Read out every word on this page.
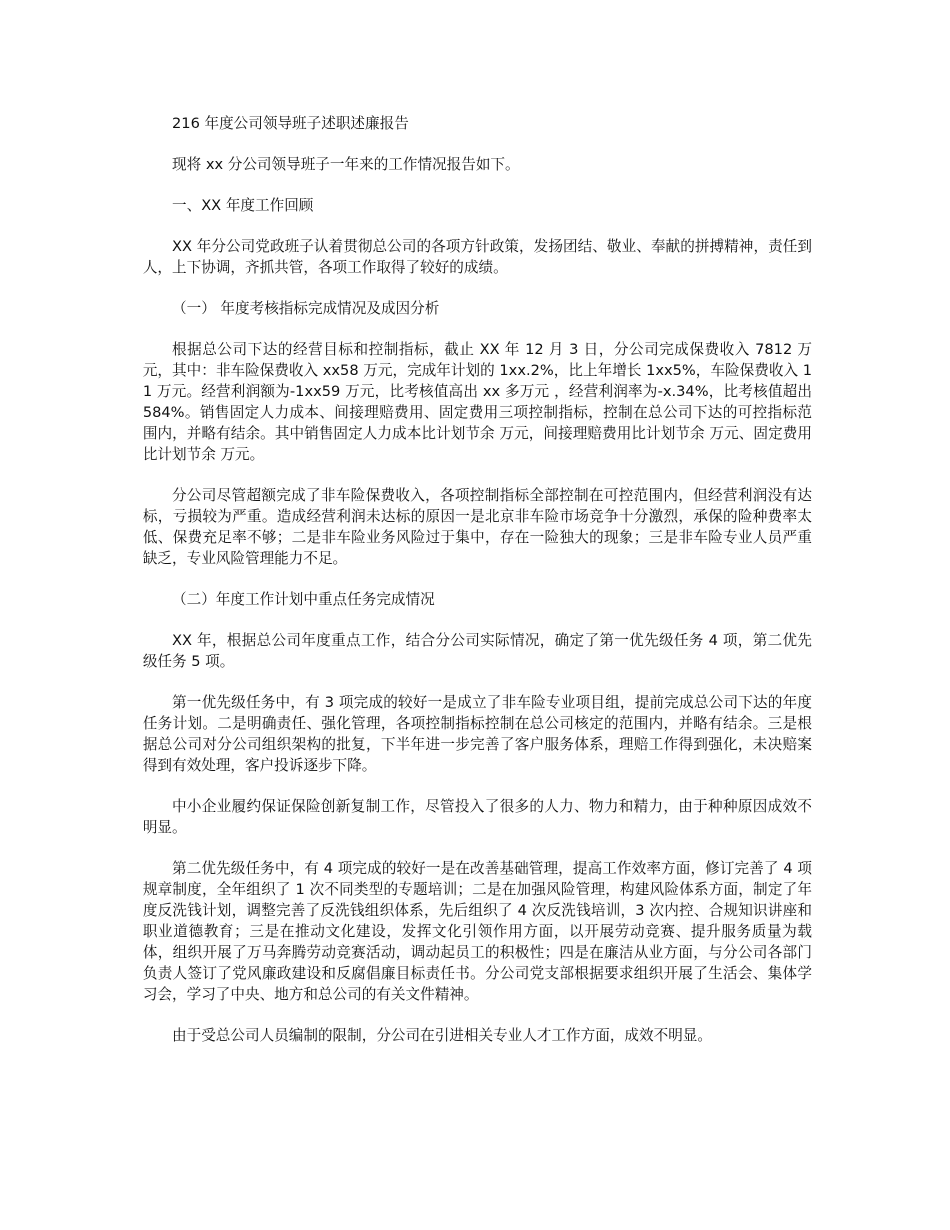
216 年度公司领导班子述职述廉报告

现将 xx 分公司领导班子一年来的工作情况报告如下。

一、XX 年度工作回顾

XX 年分公司党政班子认着贯彻总公司的各项方针政策，发扬团结、敬业、奉献的拼搏精神，责任到人，上下协调，齐抓共管，各项工作取得了较好的成绩。

（一） 年度考核指标完成情况及成因分析

根据总公司下达的经营目标和控制指标，截止 XX 年 12 月 3 日，分公司完成保费收入 7812 万元，其中：非车险保费收入 xx58 万元，完成年计划的 1xx.2%，比上年增长 1xx5%，车险保费收入 11 万元。经营利润额为-1xx59 万元，比考核值高出 xx 多万元 ，经营利润率为-x.34%，比考核值超出 584%。销售固定人力成本、间接理赔费用、固定费用三项控制指标，控制在总公司下达的可控指标范围内，并略有结余。其中销售固定人力成本比计划节余 万元，间接理赔费用比计划节余 万元、固定费用比计划节余 万元。

分公司尽管超额完成了非车险保费收入，各项控制指标全部控制在可控范围内，但经营利润没有达标，亏损较为严重。造成经营利润未达标的原因一是北京非车险市场竞争十分激烈，承保的险种费率太低、保费充足率不够；二是非车险业务风险过于集中，存在一险独大的现象；三是非车险专业人员严重缺乏，专业风险管理能力不足。

（二）年度工作计划中重点任务完成情况

XX 年，根据总公司年度重点工作，结合分公司实际情况，确定了第一优先级任务 4 项，第二优先级任务 5 项。

第一优先级任务中，有 3 项完成的较好一是成立了非车险专业项目组，提前完成总公司下达的年度任务计划。二是明确责任、强化管理，各项控制指标控制在总公司核定的范围内，并略有结余。三是根据总公司对分公司组织架构的批复，下半年进一步完善了客户服务体系，理赔工作得到强化，未决赔案得到有效处理，客户投诉逐步下降。

中小企业履约保证保险创新复制工作，尽管投入了很多的人力、物力和精力，由于种种原因成效不明显。

第二优先级任务中，有 4 项完成的较好一是在改善基础管理，提高工作效率方面，修订完善了 4 项规章制度，全年组织了 1 次不同类型的专题培训；二是在加强风险管理，构建风险体系方面，制定了年度反洗钱计划，调整完善了反洗钱组织体系，先后组织了 4 次反洗钱培训，3 次内控、合规知识讲座和职业道德教育；三是在推动文化建设，发挥文化引领作用方面，以开展劳动竞赛、提升服务质量为载体，组织开展了万马奔腾劳动竞赛活动，调动起员工的积极性；四是在廉洁从业方面，与分公司各部门负责人签订了党风廉政建设和反腐倡廉目标责任书。分公司党支部根据要求组织开展了生活会、集体学习会，学习了中央、地方和总公司的有关文件精神。

由于受总公司人员编制的限制，分公司在引进相关专业人才工作方面，成效不明显。
